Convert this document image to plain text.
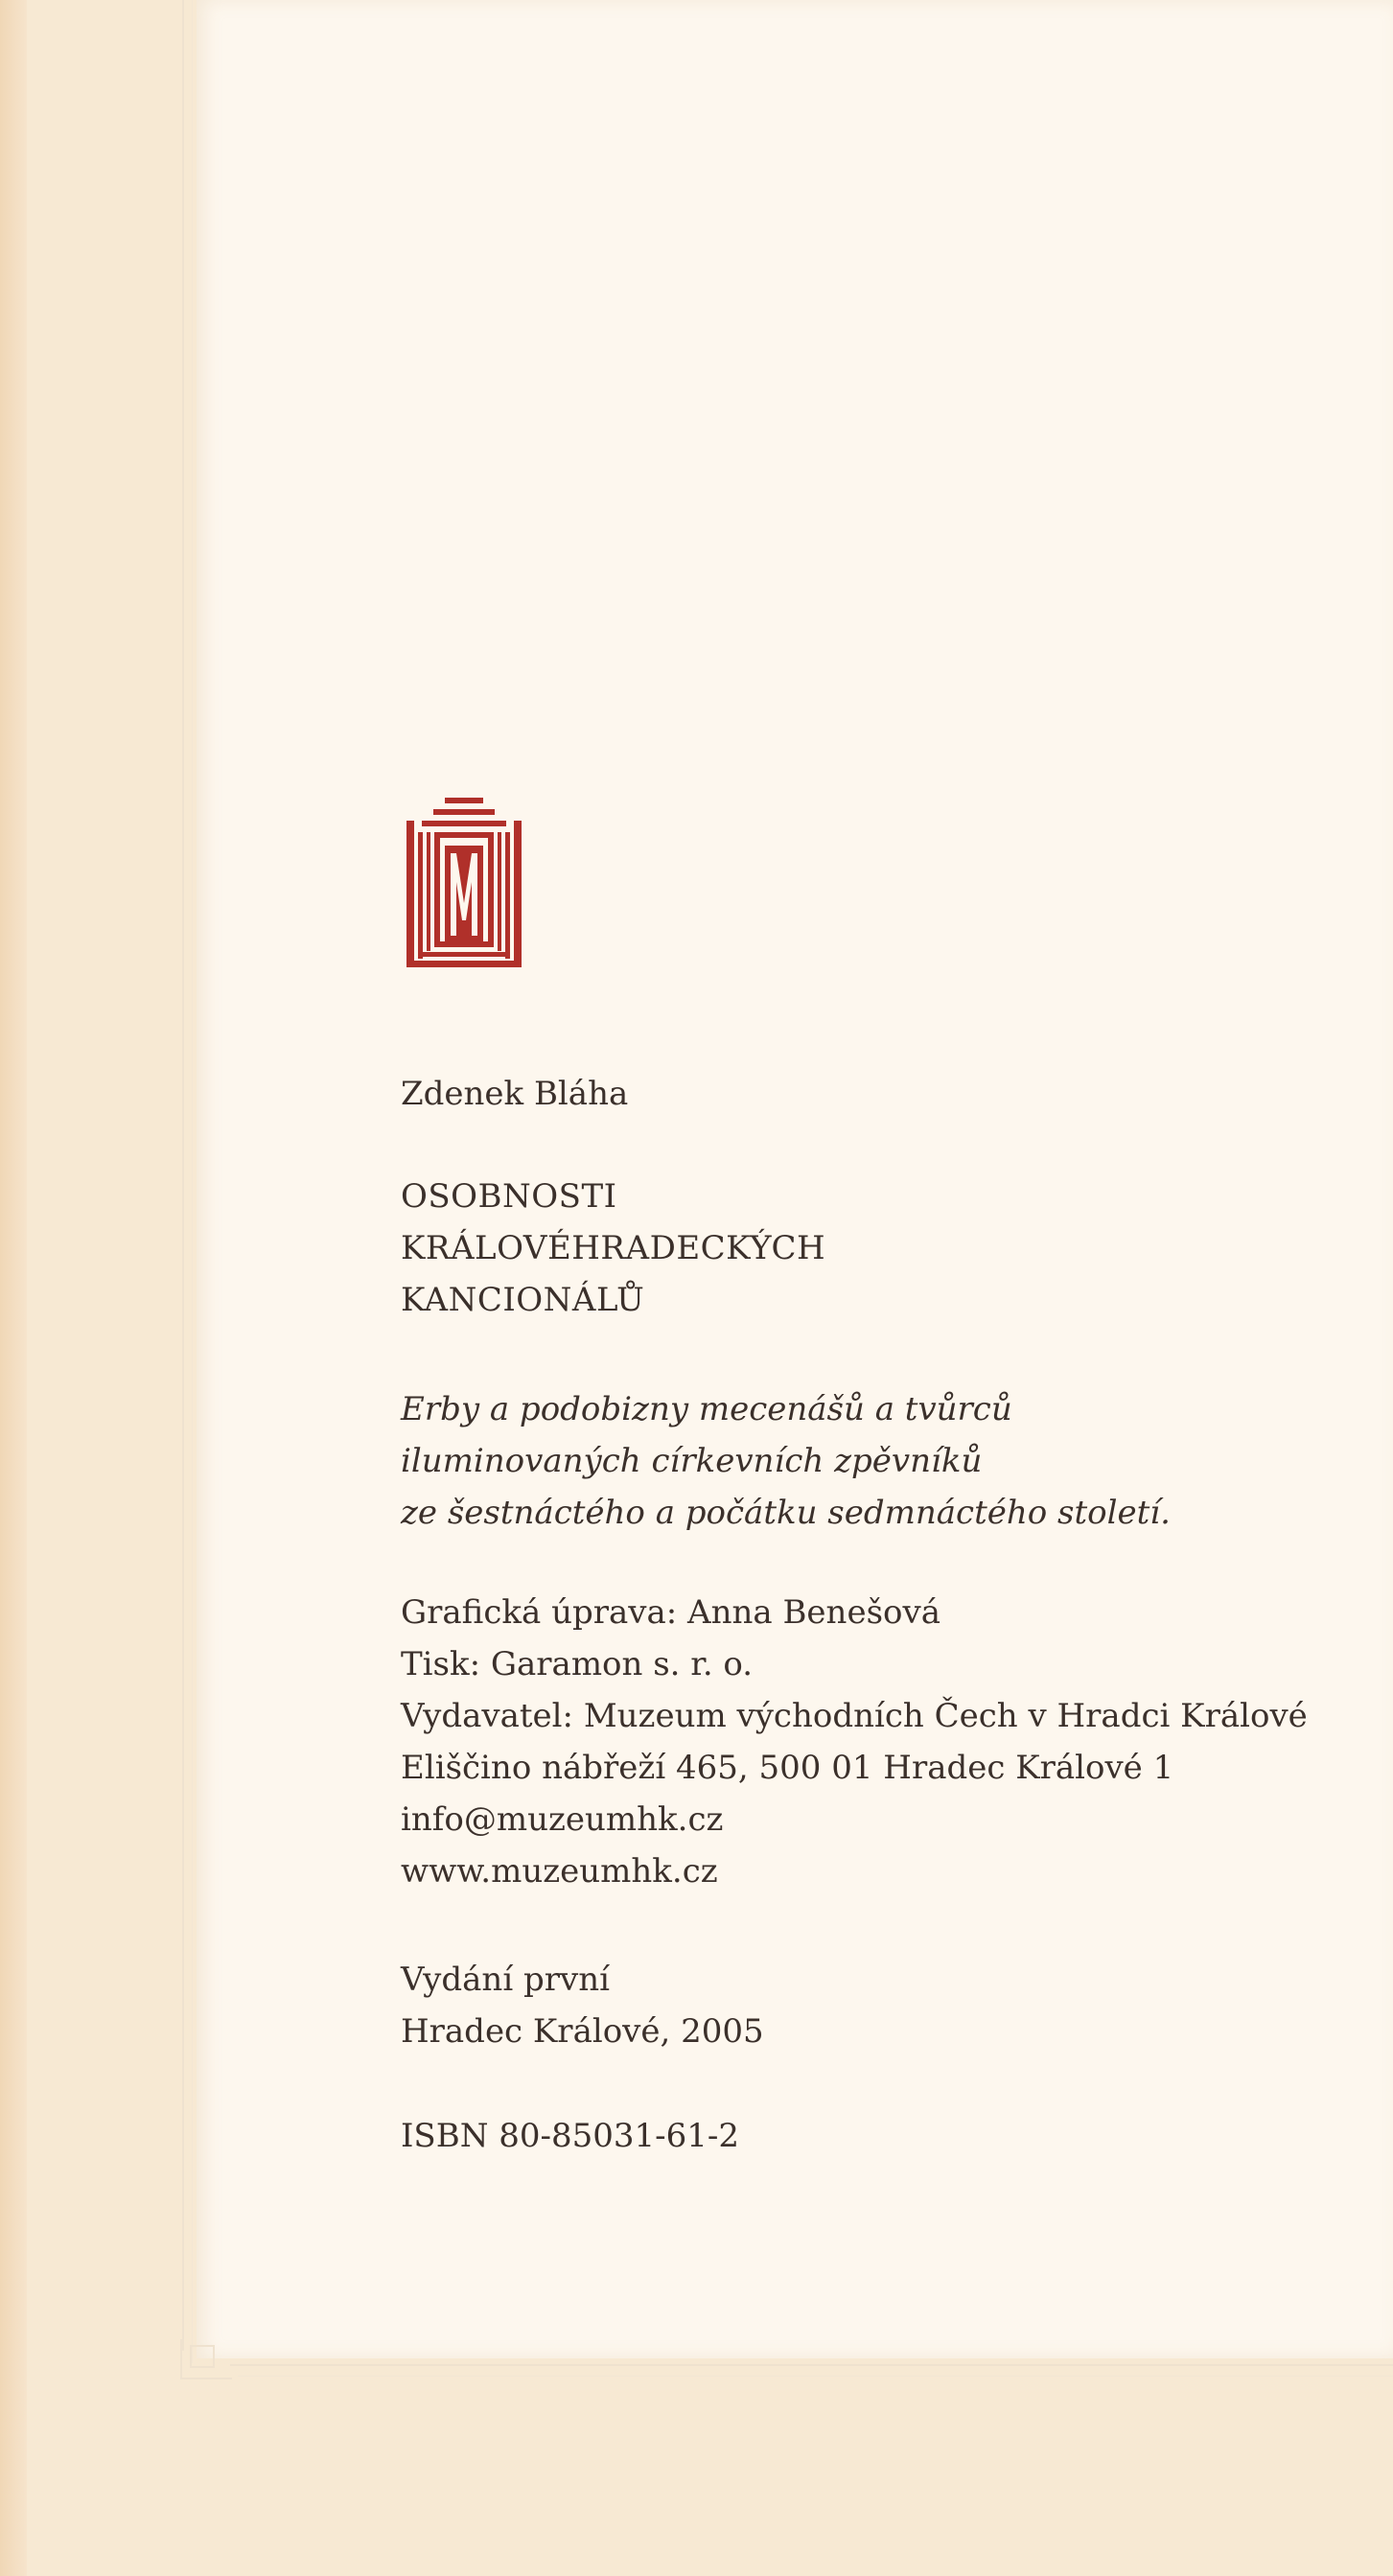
Zdenek Bláha
OSOBNOSTI
KRÁLOVÉHRADECKÝCH
KANCIONÁLŮ
Erby a podobizny mecenášů a tvůrců
iluminovaných církevních zpěvníků
ze šestnáctého a počátku sedmnáctého století.
Grafická úprava: Anna Benešová
Tisk: Garamon s. r. o.
Vydavatel: Muzeum východních Čech v Hradci Králové
Eliščino nábřeží 465, 500 01 Hradec Králové 1
info@muzeumhk.cz
www.muzeumhk.cz
Vydání první
Hradec Králové, 2005
ISBN 80-85031-61-2
